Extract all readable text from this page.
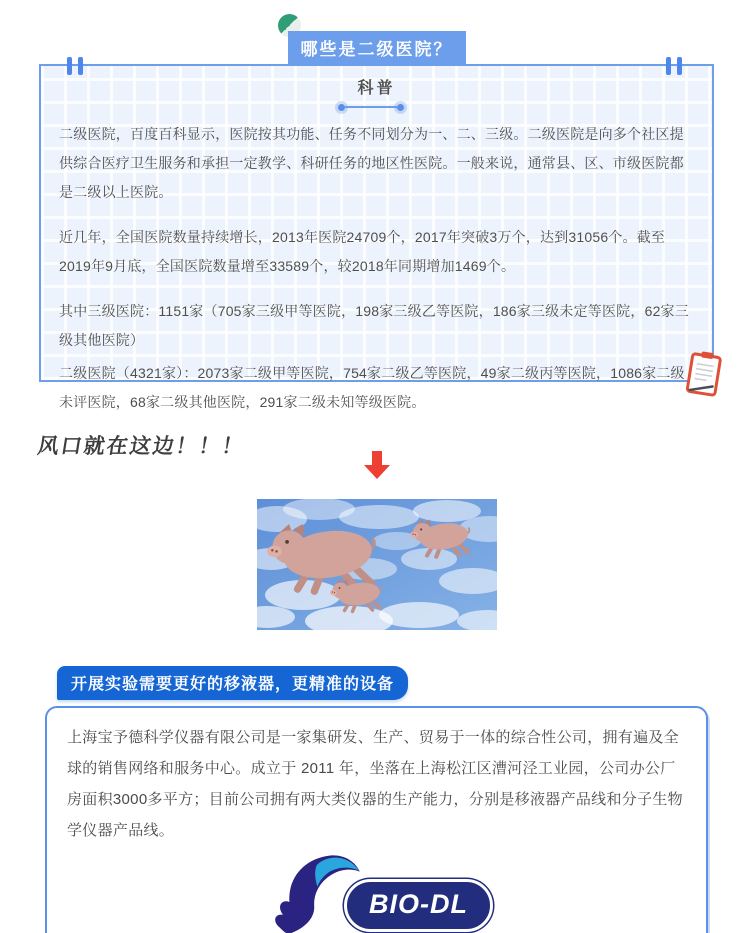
哪些是二级医院？
科普

二级医院，百度百科显示，医院按其功能、任务不同划分为一、二、三级。二级医院是向多个社区提供综合医疗卫生服务和承担一定教学、科研任务的地区性医院。一般来说，通常县、区、市级医院都是二级以上医院。

近几年，全国医院数量持续增长，2013年医院24709个，2017年突破3万个，达到31056个。截至2019年9月底，全国医院数量增至33589个，较2018年同期增加1469个。

其中三级医院：1151家（705家三级甲等医院，198家三级乙等医院，186家三级未定等医院，62家三级其他医院）

二级医院（4321家）：2073家二级甲等医院，754家二级乙等医院，49家二级丙等医院，1086家二级未评医院，68家二级其他医院，291家二级未知等级医院。

风口就在这边！！！
开展实验需要更好的移液器，更精准的设备

上海宝予德科学仪器有限公司是一家集研发、生产、贸易于一体的综合性公司，拥有遍及全球的销售网络和服务中心。成立于 2011 年，坐落在上海松江区漕河泾工业园，公司办公厂房面积3000多平方；目前公司拥有两大类仪器的生产能力，分别是移液器产品线和分子生物学仪器产品线。

BIO-DL
